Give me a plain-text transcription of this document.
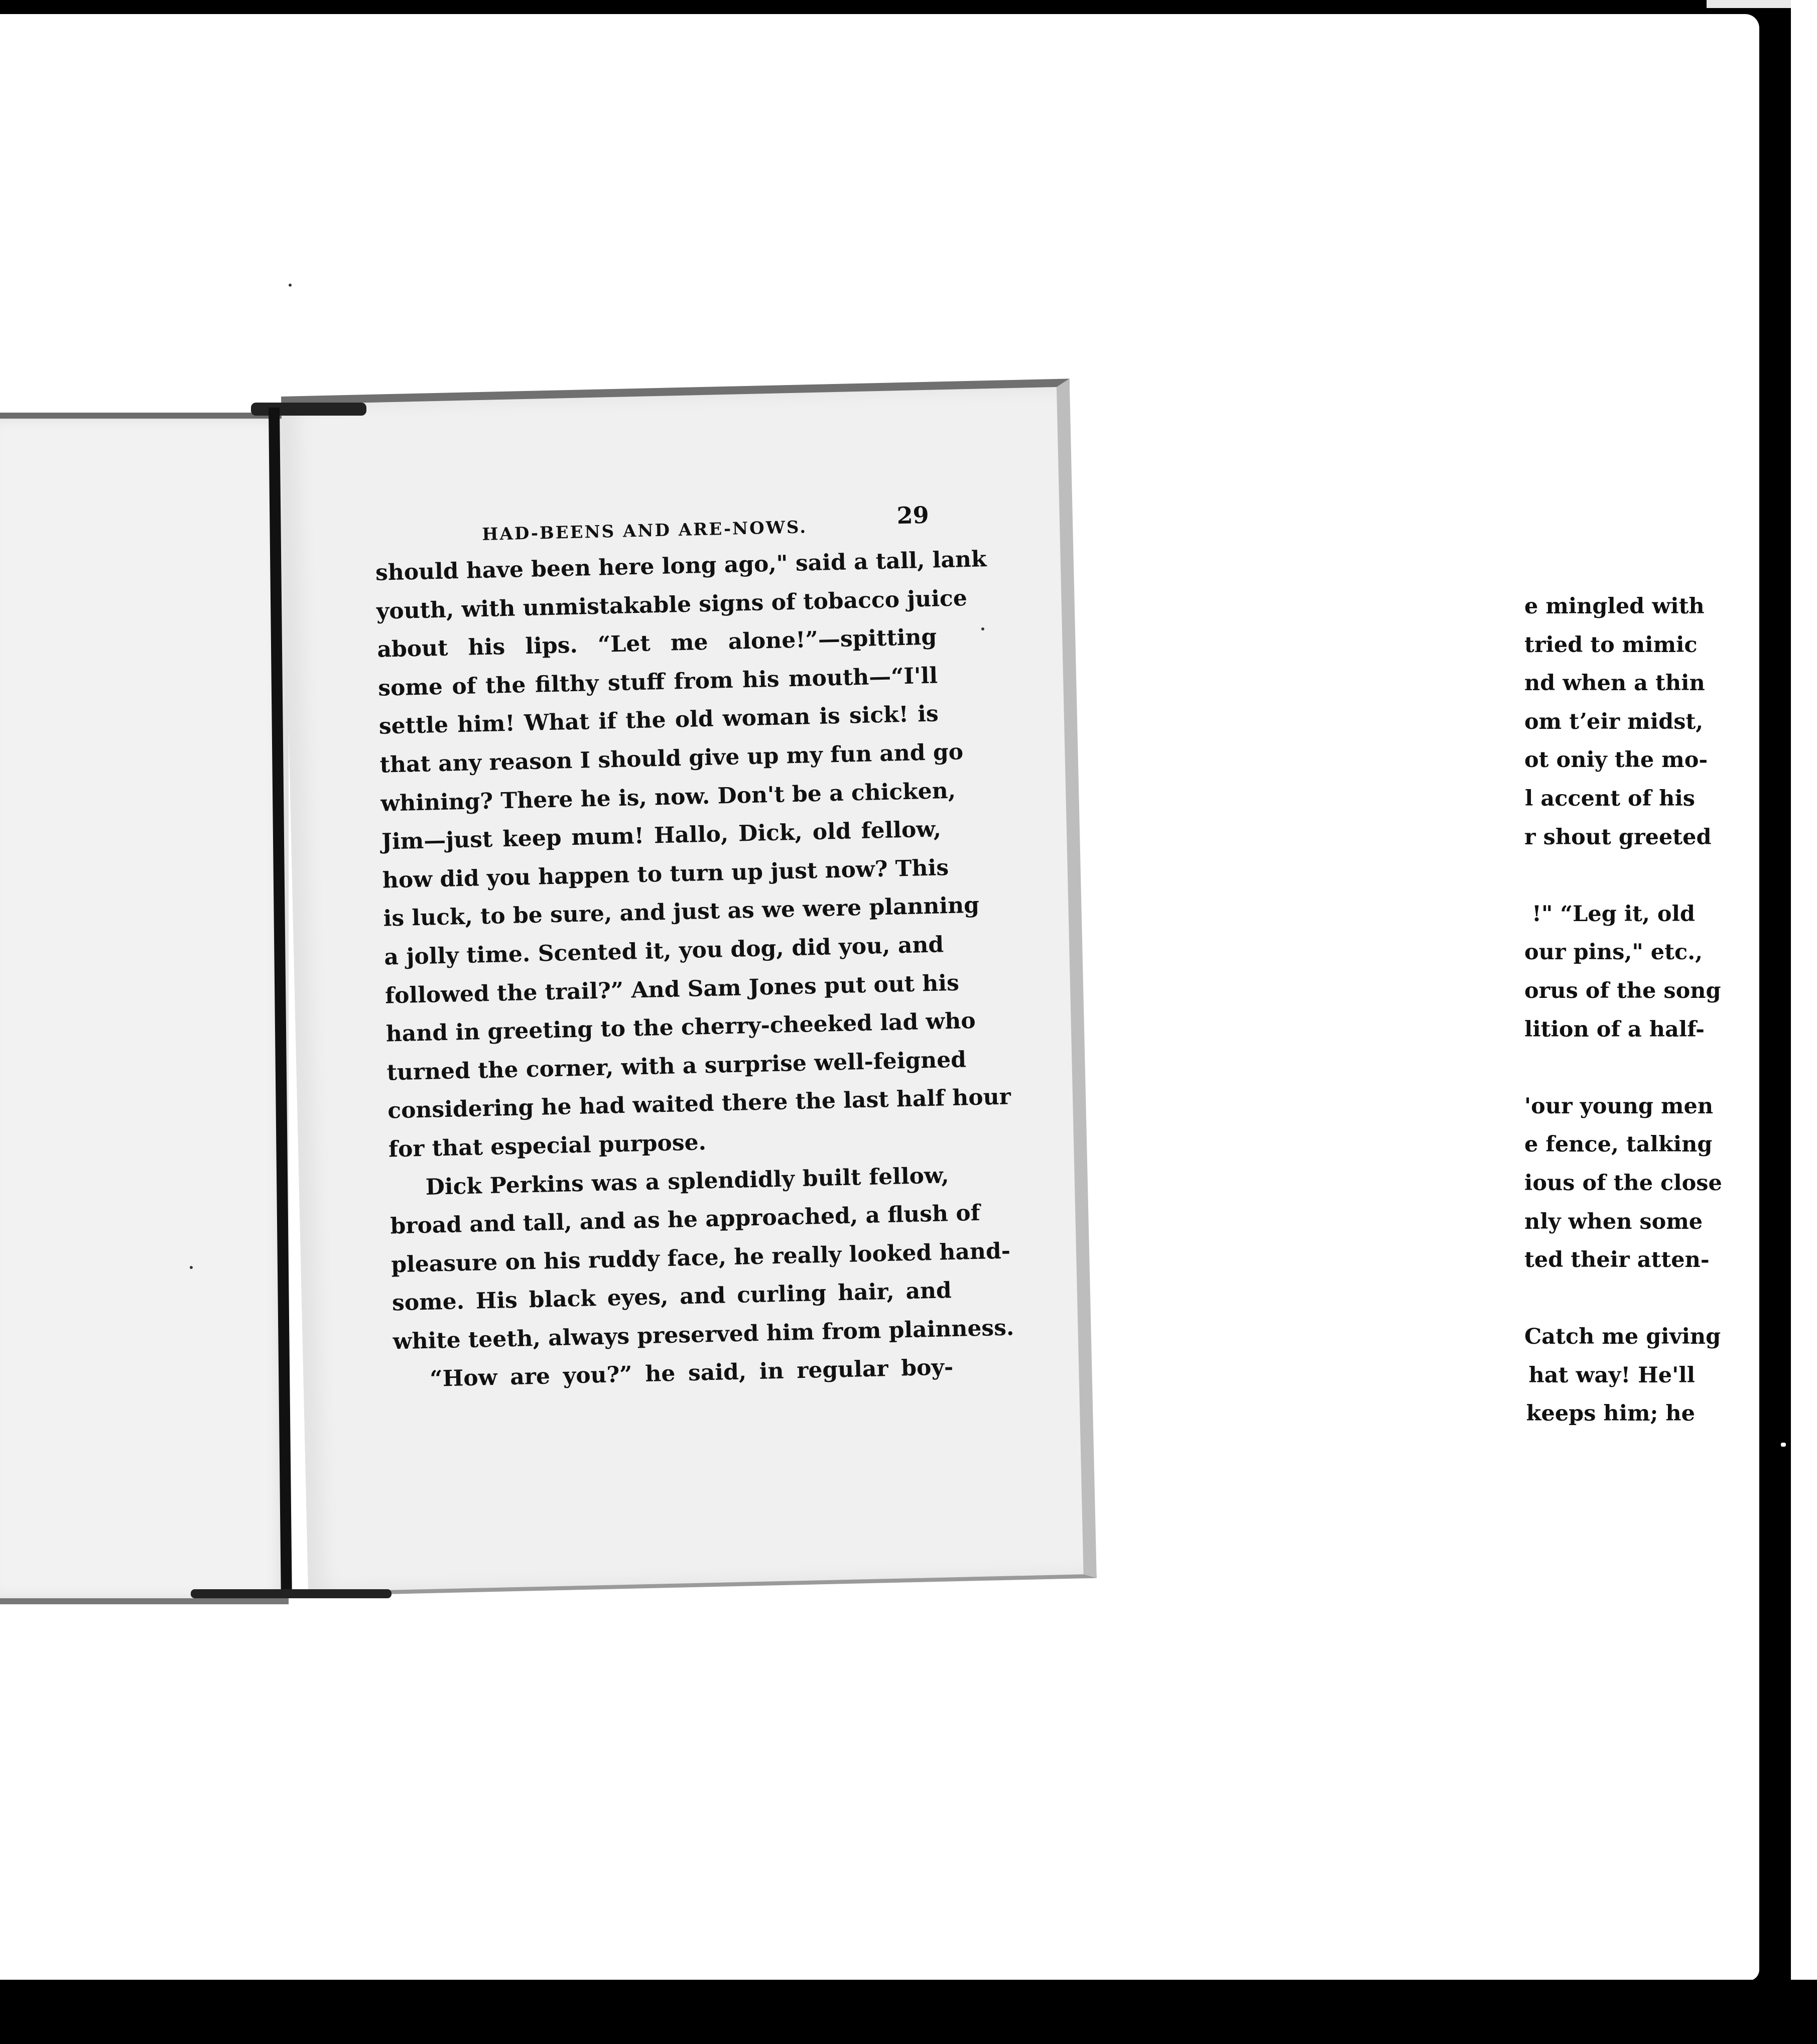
e mingled with
tried to mimic
nd when a thin
om tʼeir midst,
ot oniy the mo-
l accent of his
r shout greeted
!" “Leg it, old
our pins," etc.,
orus of the song
lition of a half-
'our young men
e fence, talking
ious of the close
nly when some
ted their atten-
Catch me giving
hat way! He'll
keeps him; he
HAD-BEENS AND ARE-NOWS.
29
should have been here long ago," said a tall, lank
youth, with unmistakable signs of tobacco juice
about his lips. “Let me alone!”—spitting
some of the filthy stuff from his mouth—“I'll
settle him! What if the old woman is sick! is
that any reason I should give up my fun and go
whining? There he is, now. Don't be a chicken,
Jim—just keep mum! Hallo, Dick, old fellow,
how did you happen to turn up just now? This
is luck, to be sure, and just as we were planning
a jolly time. Scented it, you dog, did you, and
followed the trail?” And Sam Jones put out his
hand in greeting to the cherry-cheeked lad who
turned the corner, with a surprise well-feigned
considering he had waited there the last half hour
for that especial purpose.
Dick Perkins was a splendidly built fellow,
broad and tall, and as he approached, a flush of
pleasure on his ruddy face, he really looked hand-
some. His black eyes, and curling hair, and
white teeth, always preserved him from plainness.
“How are you?” he said, in regular boy-
